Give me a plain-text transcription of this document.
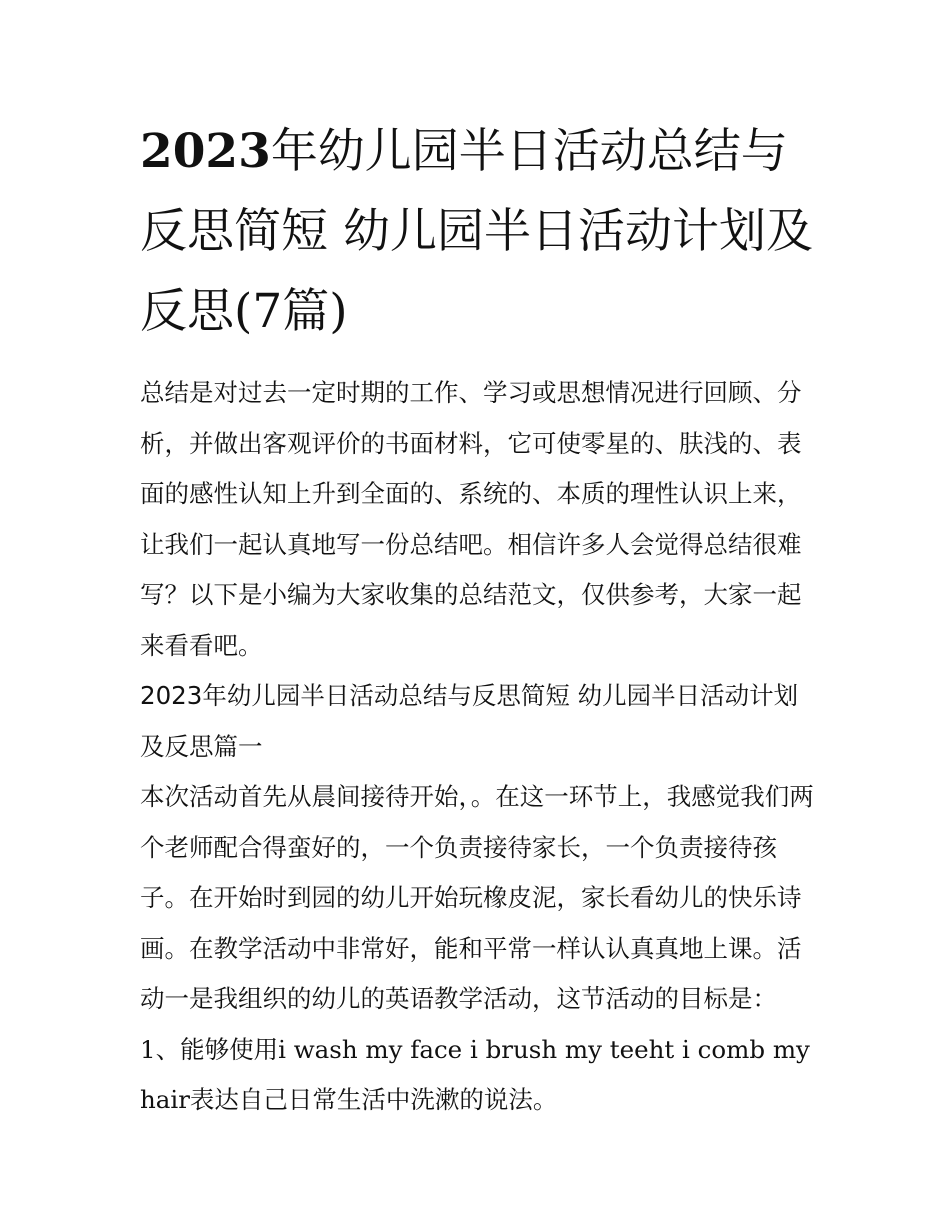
2023年幼儿园半日活动总结与反思简短 幼儿园半日活动计划及反思(7篇)

总结是对过去一定时期的工作、学习或思想情况进行回顾、分析，并做出客观评价的书面材料，它可使零星的、肤浅的、表面的感性认知上升到全面的、系统的、本质的理性认识上来，让我们一起认真地写一份总结吧。相信许多人会觉得总结很难写？以下是小编为大家收集的总结范文，仅供参考，大家一起来看看吧。

2023年幼儿园半日活动总结与反思简短 幼儿园半日活动计划及反思篇一

本次活动首先从晨间接待开始，。在这一环节上，我感觉我们两个老师配合得蛮好的，一个负责接待家长，一个负责接待孩子。在开始时到园的幼儿开始玩橡皮泥，家长看幼儿的快乐诗画。在教学活动中非常好，能和平常一样认认真真地上课。活动一是我组织的幼儿的英语教学活动，这节活动的目标是：

1、能够使用i wash my face i brush my teeht i comb my hair表达自己日常生活中洗漱的说法。
